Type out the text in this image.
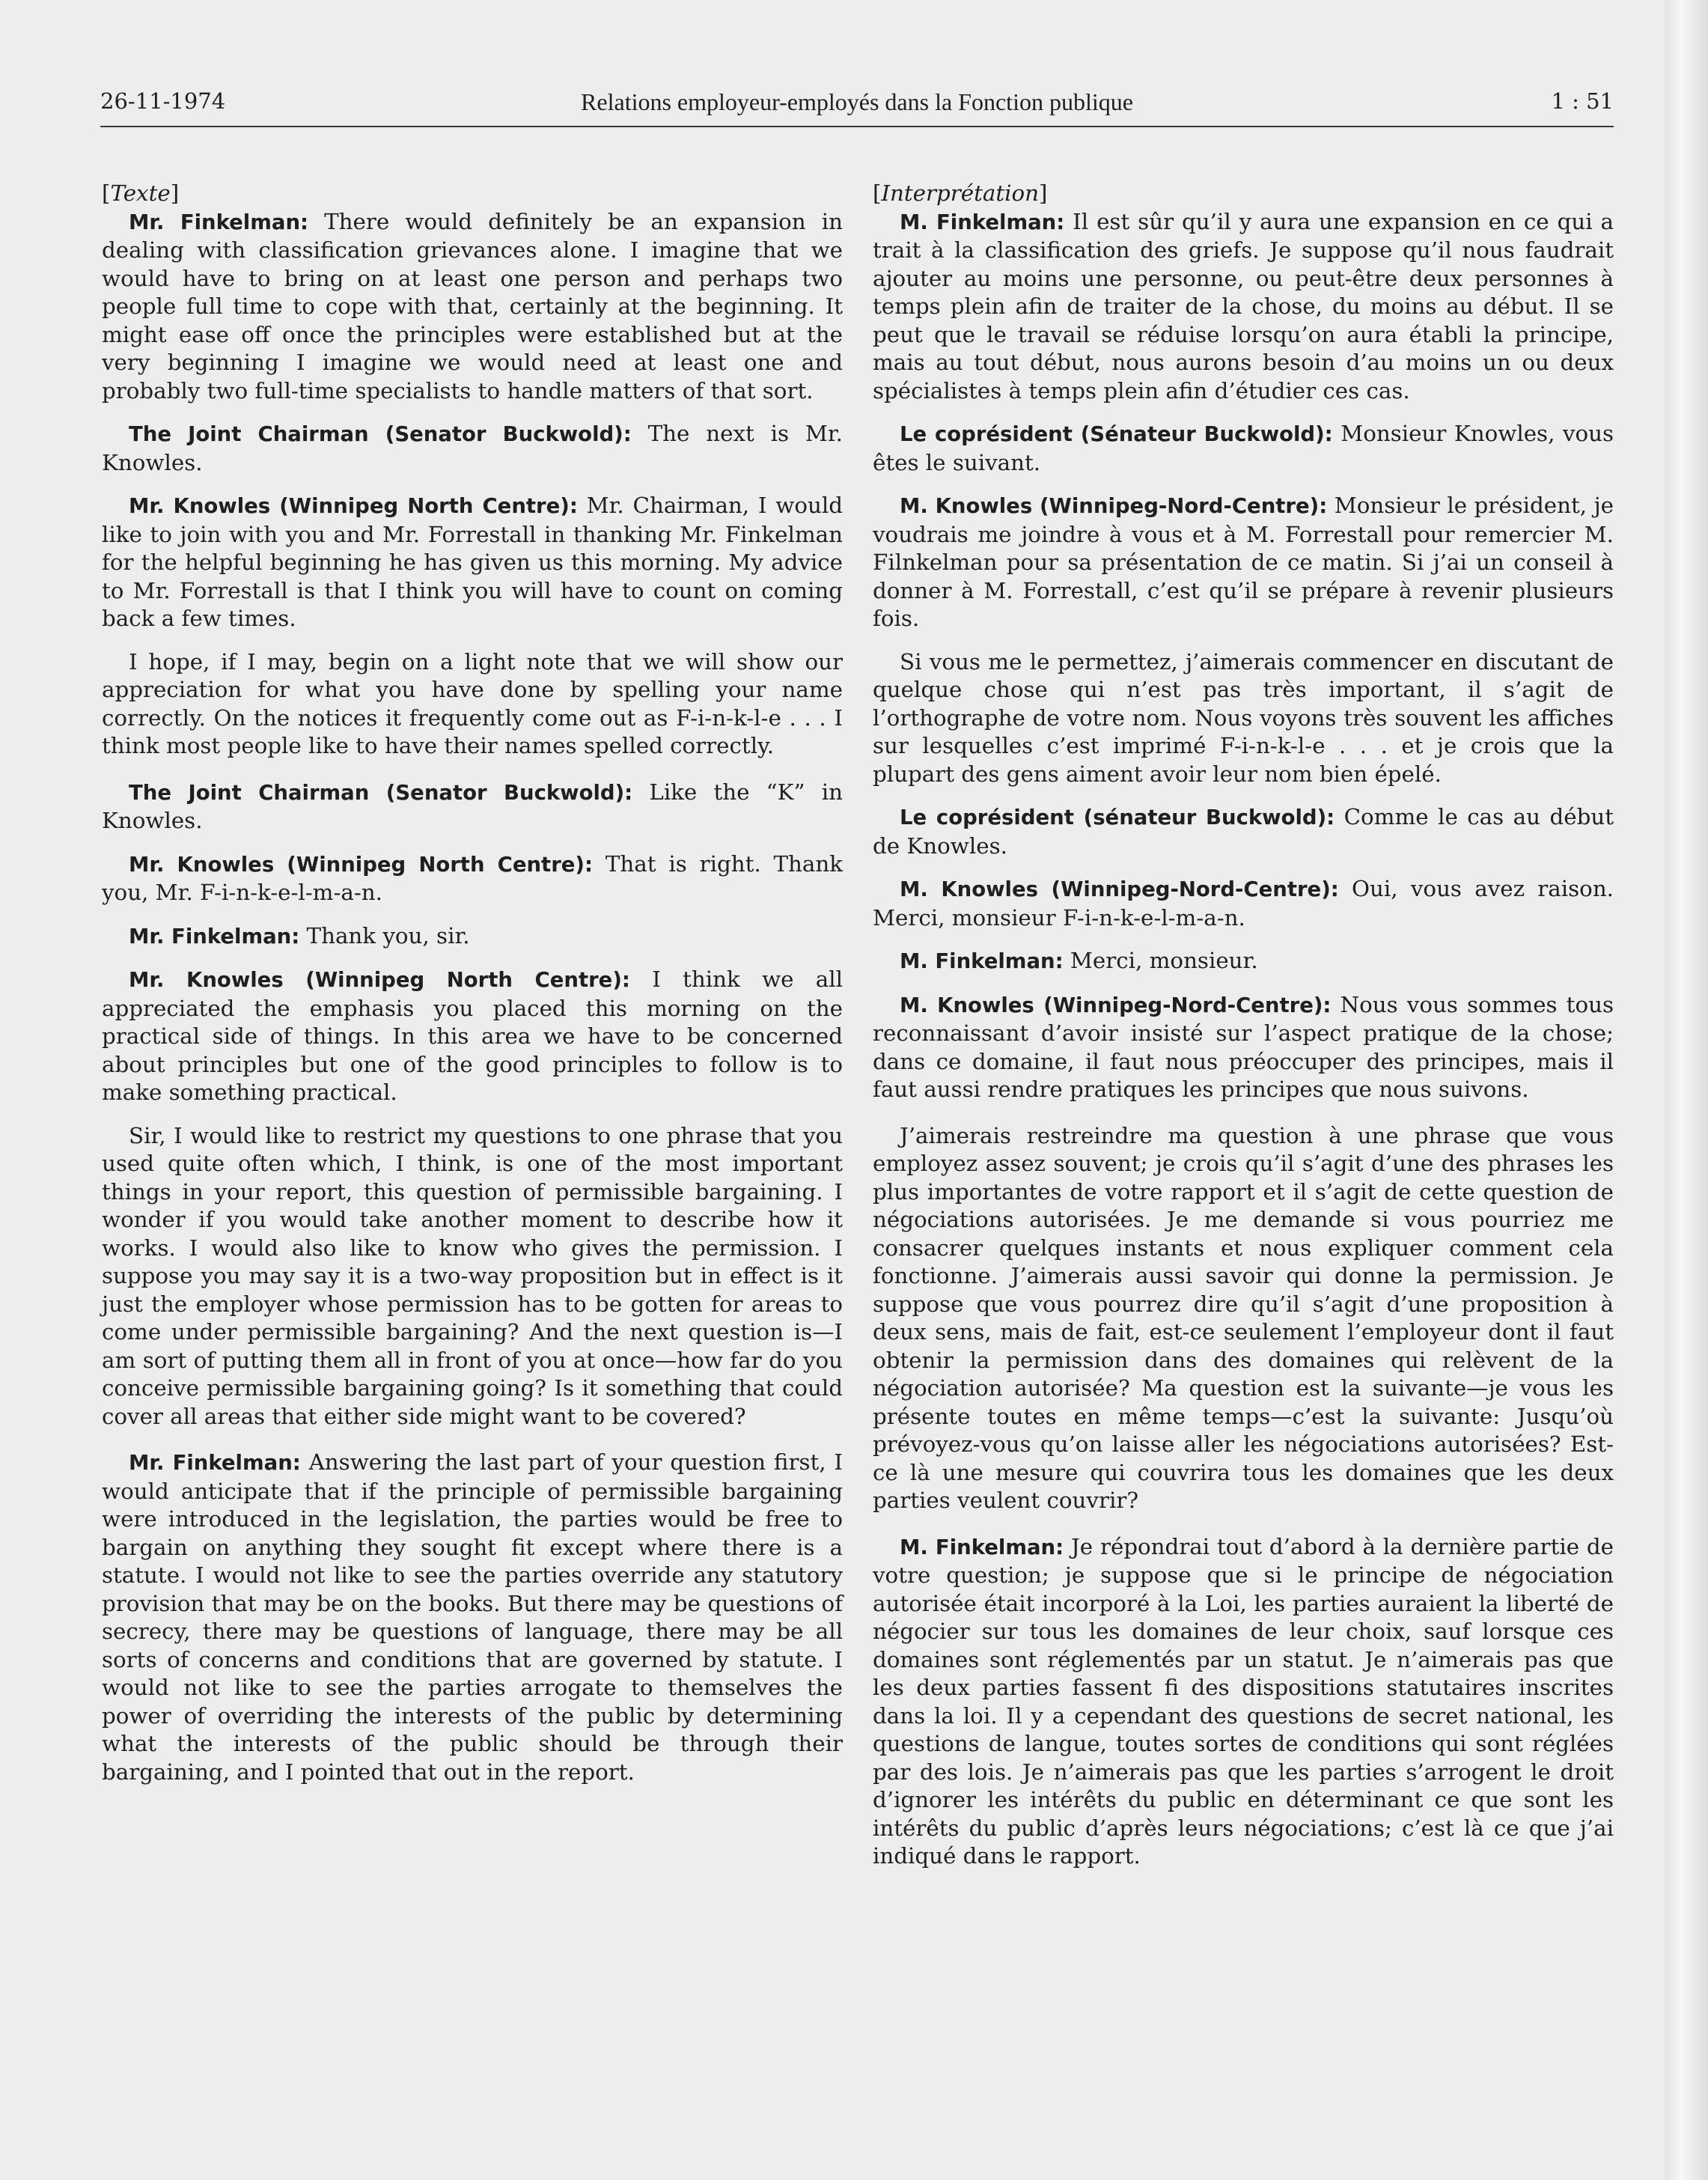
26-11-1974	Relations employeur-employés dans la Fonction publique	1 : 51

[Texte]

Mr. Finkelman: There would definitely be an expansion in dealing with classification grievances alone. I imagine that we would have to bring on at least one person and perhaps two people full time to cope with that, certainly at the beginning. It might ease off once the principles were established but at the very beginning I imagine we would need at least one and probably two full-time specialists to handle matters of that sort.

The Joint Chairman (Senator Buckwold): The next is Mr. Knowles.

Mr. Knowles (Winnipeg North Centre): Mr. Chairman, I would like to join with you and Mr. Forrestall in thanking Mr. Finkelman for the helpful beginning he has given us this morning. My advice to Mr. Forrestall is that I think you will have to count on coming back a few times.

I hope, if I may, begin on a light note that we will show our appreciation for what you have done by spelling your name correctly. On the notices it frequently come out as F-i-n-k-l-e . . . I think most people like to have their names spelled correctly.

The Joint Chairman (Senator Buckwold): Like the “K” in Knowles.

Mr. Knowles (Winnipeg North Centre): That is right. Thank you, Mr. F-i-n-k-e-l-m-a-n.

Mr. Finkelman: Thank you, sir.

Mr. Knowles (Winnipeg North Centre): I think we all appreciated the emphasis you placed this morning on the practical side of things. In this area we have to be concerned about principles but one of the good principles to follow is to make something practical.

Sir, I would like to restrict my questions to one phrase that you used quite often which, I think, is one of the most important things in your report, this question of permissible bargaining. I wonder if you would take another moment to describe how it works. I would also like to know who gives the permission. I suppose you may say it is a two-way proposition but in effect is it just the employer whose permission has to be gotten for areas to come under permissible bargaining? And the next question is—I am sort of putting them all in front of you at once—how far do you conceive permissible bargaining going? Is it something that could cover all areas that either side might want to be covered?

Mr. Finkelman: Answering the last part of your question first, I would anticipate that if the principle of permissible bargaining were introduced in the legislation, the parties would be free to bargain on anything they sought fit except where there is a statute. I would not like to see the parties override any statutory provision that may be on the books. But there may be questions of secrecy, there may be questions of language, there may be all sorts of concerns and conditions that are governed by statute. I would not like to see the parties arrogate to themselves the power of overriding the interests of the public by determining what the interests of the public should be through their bargaining, and I pointed that out in the report.

[Interprétation]

M. Finkelman: Il est sûr qu’il y aura une expansion en ce qui a trait à la classification des griefs. Je suppose qu’il nous faudrait ajouter au moins une personne, ou peut-être deux personnes à temps plein afin de traiter de la chose, du moins au début. Il se peut que le travail se réduise lorsqu’on aura établi la principe, mais au tout début, nous aurons besoin d’au moins un ou deux spécialistes à temps plein afin d’étudier ces cas.

Le coprésident (Sénateur Buckwold): Monsieur Knowles, vous êtes le suivant.

M. Knowles (Winnipeg-Nord-Centre): Monsieur le président, je voudrais me joindre à vous et à M. Forrestall pour remercier M. Filnkelman pour sa présentation de ce matin. Si j’ai un conseil à donner à M. Forrestall, c’est qu’il se prépare à revenir plusieurs fois.

Si vous me le permettez, j’aimerais commencer en discutant de quelque chose qui n’est pas très important, il s’agit de l’orthographe de votre nom. Nous voyons très souvent les affiches sur lesquelles c’est imprimé F-i-n-k-l-e . . . et je crois que la plupart des gens aiment avoir leur nom bien épelé.

Le coprésident (sénateur Buckwold): Comme le cas au début de Knowles.

M. Knowles (Winnipeg-Nord-Centre): Oui, vous avez raison. Merci, monsieur F-i-n-k-e-l-m-a-n.

M. Finkelman: Merci, monsieur.

M. Knowles (Winnipeg-Nord-Centre): Nous vous sommes tous reconnaissant d’avoir insisté sur l’aspect pratique de la chose; dans ce domaine, il faut nous préoccuper des principes, mais il faut aussi rendre pratiques les principes que nous suivons.

J’aimerais restreindre ma question à une phrase que vous employez assez souvent; je crois qu’il s’agit d’une des phrases les plus importantes de votre rapport et il s’agit de cette question de négociations autorisées. Je me demande si vous pourriez me consacrer quelques instants et nous expliquer comment cela fonctionne. J’aimerais aussi savoir qui donne la permission. Je suppose que vous pourrez dire qu’il s’agit d’une proposition à deux sens, mais de fait, est-ce seulement l’employeur dont il faut obtenir la permission dans des domaines qui relèvent de la négociation autorisée? Ma question est la suivante—je vous les présente toutes en même temps—c’est la suivante: Jusqu’où prévoyez-vous qu’on laisse aller les négociations autorisées? Est-ce là une mesure qui couvrira tous les domaines que les deux parties veulent couvrir?

M. Finkelman: Je répondrai tout d’abord à la dernière partie de votre question; je suppose que si le principe de négociation autorisée était incorporé à la Loi, les parties auraient la liberté de négocier sur tous les domaines de leur choix, sauf lorsque ces domaines sont réglementés par un statut. Je n’aimerais pas que les deux parties fassent fi des dispositions statutaires inscrites dans la loi. Il y a cependant des questions de secret national, les questions de langue, toutes sortes de conditions qui sont réglées par des lois. Je n’aimerais pas que les parties s’arrogent le droit d’ignorer les intérêts du public en déterminant ce que sont les intérêts du public d’après leurs négociations; c’est là ce que j’ai indiqué dans le rapport.
